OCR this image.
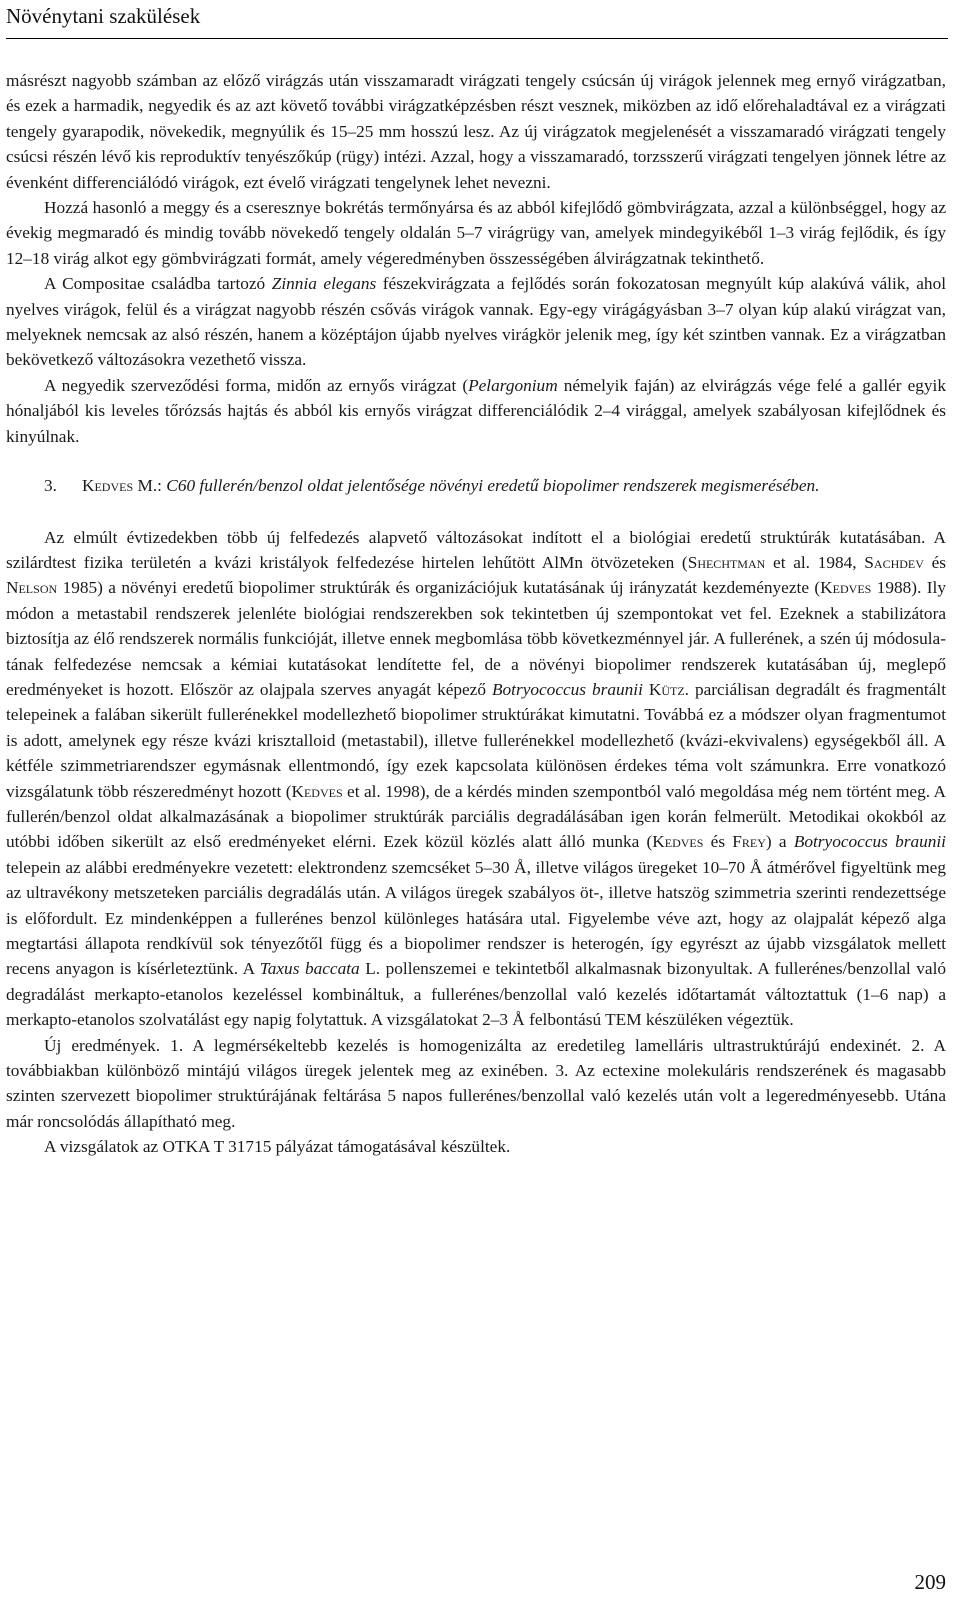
Növénytani szakülések

másrészt nagyobb számban az előző virágzás után visszamaradt virágzati tengely csúcsán új virágok jelennek meg ernyő virágzatban, és ezek a harmadik, negyedik és az azt követő további virágzatképzésben részt vesznek, miközben az idő előrehaladtával ez a virágzati tengely gyarapodik, növekedik, megnyúlik és 15–25 mm hosszú lesz. Az új virágzatok megjelenését a visszamaradó virágzati tengely csúcsi részén lévő kis reproduktív tenyészőkúp (rügy) intézi. Azzal, hogy a visszamaradó, torzsszerű virágzati tengelyen jönnek létre az évenként differenciálódó virágok, ezt évelő virágzati tengelynek lehet nevezni.

Hozzá hasonló a meggy és a cseresznye bokrétás termőnyársa és az abból kifejlődő gömbvirágzata, azzal a különbséggel, hogy az évekig megmaradó és mindig tovább növekedő tengely oldalán 5–7 virágrügy van, amelyek mindegyikéből 1–3 virág fejlődik, és így 12–18 virág alkot egy gömbvirágzati formát, amely végeredményben összességében álvirágzatnak tekinthető.

A Compositae családba tartozó Zinnia elegans fészekvirágzata a fejlődés során fokozatosan megnyúlt kúp alakúvá válik, ahol nyelves virágok, felül és a virágzat nagyobb részén csővás virágok vannak. Egy-egy virágágyásban 3–7 olyan kúp alakú virágzat van, melyeknek nemcsak az alsó részén, hanem a középtájon újabb nyelves virágkör jelenik meg, így két szintben vannak. Ez a virágzatban bekövetkező változásokra vezethető vissza.

A negyedik szerveződési forma, midőn az ernyős virágzat (Pelargonium némelyik faján) az elvirágzás vége felé a gallér egyik hónaljából kis leveles tőrózsás hajtás és abból kis ernyős virágzat differenciálódik 2–4 virággal, amelyek szabályosan kifejlődnek és kinyúlnak.

3.	Kedves M.: C60 fullerén/benzol oldat jelentősége növényi eredetű biopolimer rendszerek megismerésében.

Az elmúlt évtizedekben több új felfedezés alapvető változásokat indított el a biológiai eredetű struktúrák kutatásában. A szilárdtest fizika területén a kvázi kristályok felfedezése hirtelen lehűtött AlMn ötvözeteken (Shechtman et al. 1984, Sachdev és Nelson 1985) a növényi eredetű biopolimer struktúrák és organizációjuk kutatásának új irányzatát kezdeményezte (Kedves 1988). Ily módon a metastabil rendszerek jelenléte biológiai rendszerekben sok tekintetben új szempontokat vet fel. Ezeknek a stabilizátora biztosítja az élő rendszerek normális funkcióját, illetve ennek megbomlása több következménnyel jár. A fullerének, a szén új módosulatának felfedezése nemcsak a kémiai kutatásokat lendítette fel, de a növényi biopolimer rendszerek kutatásában új, meglepő eredményeket is hozott. Először az olajpala szerves anyagát képező Botryococcus braunii Kütz. parciálisan degradált és fragmentált telepeinek a falában sikerült fullerénekkel modellezhető biopolimer struktúrákat kimutatni. Továbbá ez a módszer olyan fragmentumot is adott, amelynek egy része kvázi krisztalloid (metastabil), illetve fullerénekkel modellezhető (kvázi-ekvivalens) egységekből áll. A kétféle szimmetriarendszer egymásnak ellentmondó, így ezek kapcsolata különösen érdekes téma volt számunkra. Erre vonatkozó vizsgálatunk több részeredményt hozott (Kedves et al. 1998), de a kérdés minden szempontból való megoldása még nem történt meg. A fullerén/benzol oldat alkalmazásának a biopolimer struktúrák parciális degradálásában igen korán felmerült. Metodikai okokból az utóbbi időben sikerült az első eredményeket elérni. Ezek közül közlés alatt álló munka (Kedves és Frey) a Botryococcus braunii telepein az alábbi eredményekre vezetett: elektrondenz szemcséket 5–30 Å, illetve világos üregeket 10–70 Å átmérővel figyeltünk meg az ultravékony metszeteken parciális degradálás után. A világos üregek szabályos öt-, illetve hatszög szimmetria szerinti rendezettsége is előfordult. Ez mindenképpen a fullerénes benzol különleges hatására utal. Figyelembe véve azt, hogy az olajpalát képező alga megtartási állapota rendkívül sok tényezőtől függ és a biopolimer rendszer is heterogén, így egyrészt az újabb vizsgálatok mellett recens anyagon is kísérleteztünk. A Taxus baccata L. pollenszemei e tekintetből alkalmasnak bizonyultak. A fullerénes/benzollal való degradálást merkapto-etanolos kezeléssel kombináltuk, a fullerénes/benzollal való kezelés időtartamát változtattuk (1–6 nap) a merkapto-etanolos szolvatálást egy napig folytattuk. A vizsgálatokat 2–3 Å felbontású TEM készüléken végeztük.

Új eredmények. 1. A legmérsékeltebb kezelés is homogenizálta az eredetileg lamelláris ultrastruktúrájú endexinét. 2. A továbbiakban különböző mintájú világos üregek jelentek meg az exinében. 3. Az ectexine molekuláris rendszerének és magasabb szinten szervezett biopolimer struktúrájának feltárása 5 napos fullerénes/benzollal való kezelés után volt a legeredményesebb. Utána már roncsolódás állapítható meg.

A vizsgálatok az OTKA T 31715 pályázat támogatásával készültek.

209
